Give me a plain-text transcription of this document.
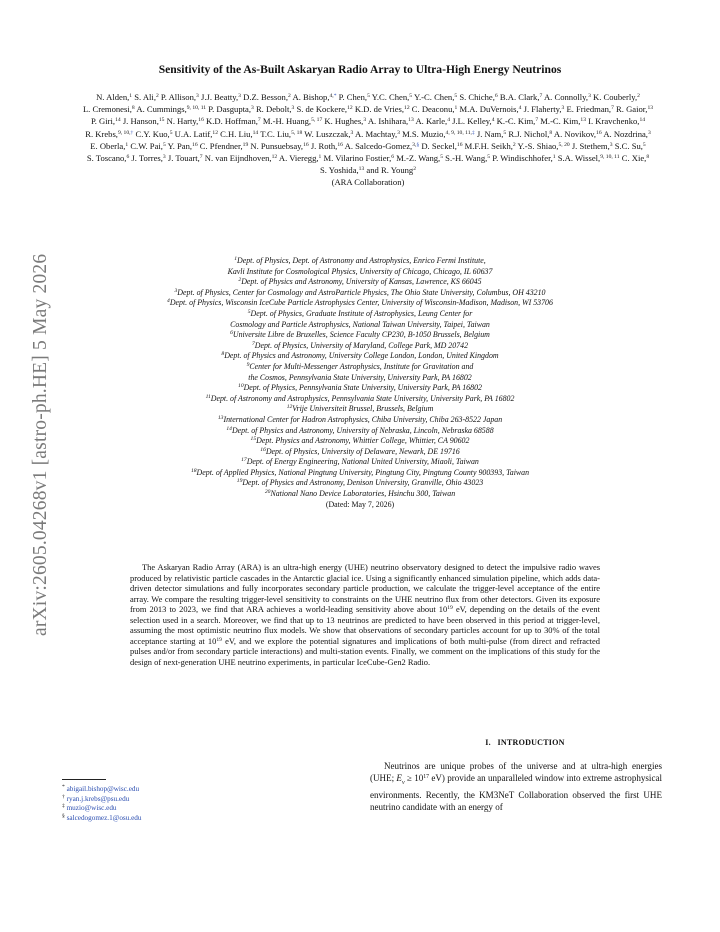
arXiv:2605.04268v1 [astro-ph.HE] 5 May 2026
Sensitivity of the As-Built Askaryan Radio Array to Ultra-High Energy Neutrinos
N. Alden,$^1$ S. Ali,$^2$ P. Allison,$^3$ J.J. Beatty,$^3$ D.Z. Besson,$^2$ A. Bishop,$^{4,*}$ P. Chen,$^5$ Y.C. Chen,$^5$ Y.-C. Chen,$^5$ S. Chiche,$^6$ B.A. Clark,$^7$ A. Connolly,$^3$ K. Couberly,$^2$ L. Cremonesi,$^8$ A. Cummings,$^{9, 10, 11}$ P. Dasgupta,$^3$ R. Debolt,$^3$ S. de Kockere,$^{12}$ K.D. de Vries,$^{12}$ C. Deaconu,$^1$ M.A. DuVernois,$^4$ J. Flaherty,$^3$ E. Friedman,$^7$ R. Gaior,$^{13}$ P. Giri,$^{14}$ J. Hanson,$^{15}$ N. Harty,$^{16}$ K.D. Hoffman,$^7$ M.-H. Huang,$^{5, 17}$ K. Hughes,$^3$ A. Ishihara,$^{13}$ A. Karle,$^4$ J.L. Kelley,$^4$ K.-C. Kim,$^7$ M.-C. Kim,$^{13}$ I. Kravchenko,$^{14}$ R. Krebs,$^{9, 10,\dagger}$ C.Y. Kuo,$^5$ U.A. Latif,$^{12}$ C.H. Liu,$^{14}$ T.C. Liu,$^{5, 18}$ W. Luszczak,$^3$ A. Machtay,$^3$ M.S. Muzio,$^{4, 9, 10, 11,\ddagger}$ J. Nam,$^5$ R.J. Nichol,$^8$ A. Novikov,$^{16}$ A. Nozdrina,$^3$ E. Oberla,$^1$ C.W. Pai,$^5$ Y. Pan,$^{16}$ C. Pfendner,$^{19}$ N. Punsuebsay,$^{16}$ J. Roth,$^{16}$ A. Salcedo-Gomez,$^{3,\S}$ D. Seckel,$^{16}$ M.F.H. Seikh,$^2$ Y.-S. Shiao,$^{5, 20}$ J. Stethem,$^3$ S.C. Su,$^5$ S. Toscano,$^6$ J. Torres,$^3$ J. Touart,$^7$ N. van Eijndhoven,$^{12}$ A. Vieregg,$^1$ M. Vilarino Fostier,$^6$ M.-Z. Wang,$^5$ S.-H. Wang,$^5$ P. Windischhofer,$^1$ S.A. Wissel,$^{9, 10, 11}$ C. Xie,$^8$ S. Yoshida,$^{13}$ and R. Young$^2$
(ARA Collaboration)
$^1$Dept. of Physics, Dept. of Astronomy and Astrophysics, Enrico Fermi Institute,
Kavli Institute for Cosmological Physics, University of Chicago, Chicago, IL 60637
$^2$Dept. of Physics and Astronomy, University of Kansas, Lawrence, KS 66045
$^3$Dept. of Physics, Center for Cosmology and AstroParticle Physics, The Ohio State University, Columbus, OH 43210
$^4$Dept. of Physics, Wisconsin IceCube Particle Astrophysics Center, University of Wisconsin-Madison, Madison, WI 53706
$^5$Dept. of Physics, Graduate Institute of Astrophysics, Leung Center for
Cosmology and Particle Astrophysics, National Taiwan University, Taipei, Taiwan
$^6$Universite Libre de Bruxelles, Science Faculty CP230, B-1050 Brussels, Belgium
$^7$Dept. of Physics, University of Maryland, College Park, MD 20742
$^8$Dept. of Physics and Astronomy, University College London, London, United Kingdom
$^9$Center for Multi-Messenger Astrophysics, Institute for Gravitation and
the Cosmos, Pennsylvania State University, University Park, PA 16802
$^{10}$Dept. of Physics, Pennsylvania State University, University Park, PA 16802
$^{11}$Dept. of Astronomy and Astrophysics, Pennsylvania State University, University Park, PA 16802
$^{12}$Vrije Universiteit Brussel, Brussels, Belgium
$^{13}$International Center for Hadron Astrophysics, Chiba University, Chiba 263-8522 Japan
$^{14}$Dept. of Physics and Astronomy, University of Nebraska, Lincoln, Nebraska 68588
$^{15}$Dept. Physics and Astronomy, Whittier College, Whittier, CA 90602
$^{16}$Dept. of Physics, University of Delaware, Newark, DE 19716
$^{17}$Dept. of Energy Engineering, National United University, Miaoli, Taiwan
$^{18}$Dept. of Applied Physics, National Pingtung University, Pingtung City, Pingtung County 900393, Taiwan
$^{19}$Dept. of Physics and Astronomy, Denison University, Granville, Ohio 43023
$^{20}$National Nano Device Laboratories, Hsinchu 300, Taiwan
(Dated: May 7, 2026)
The Askaryan Radio Array (ARA) is an ultra-high energy (UHE) neutrino observatory designed to detect the impulsive radio waves produced by relativistic particle cascades in the Antarctic glacial ice. Using a significantly enhanced simulation pipeline, which adds data-driven detector simulations and fully incorporates secondary particle production, we calculate the trigger-level acceptance of the entire array. We compare the resulting trigger-level sensitivity to constraints on the UHE neutrino flux from other detectors. Given its exposure from 2013 to 2023, we find that ARA achieves a world-leading sensitivity above about $10^{19}$ eV, depending on the details of the event selection used in a search. Moreover, we find that up to 13 neutrinos are predicted to have been observed in this period at trigger-level, assuming the most optimistic neutrino flux models. We show that observations of secondary particles account for up to 30% of the total acceptance starting at $10^{19}$ eV, and we explore the potential signatures and implications of both multi-pulse (from direct and refracted pulses and/or from secondary particle interactions) and multi-station events. Finally, we comment on the implications of this study for the design of next-generation UHE neutrino experiments, in particular IceCube-Gen2 Radio.
I. INTRODUCTION
Neutrinos are unique probes of the universe and at ultra-high energies (UHE; $E_\nu \ge 10^{17}$ eV) provide an unparalleled window into extreme astrophysical environments. Recently, the KM3NeT Collaboration observed the first UHE neutrino candidate with an energy of
* abigail.bishop@wisc.edu
† ryan.j.krebs@psu.edu
‡ muzio@wisc.edu
§ salcedogomez.1@osu.edu
